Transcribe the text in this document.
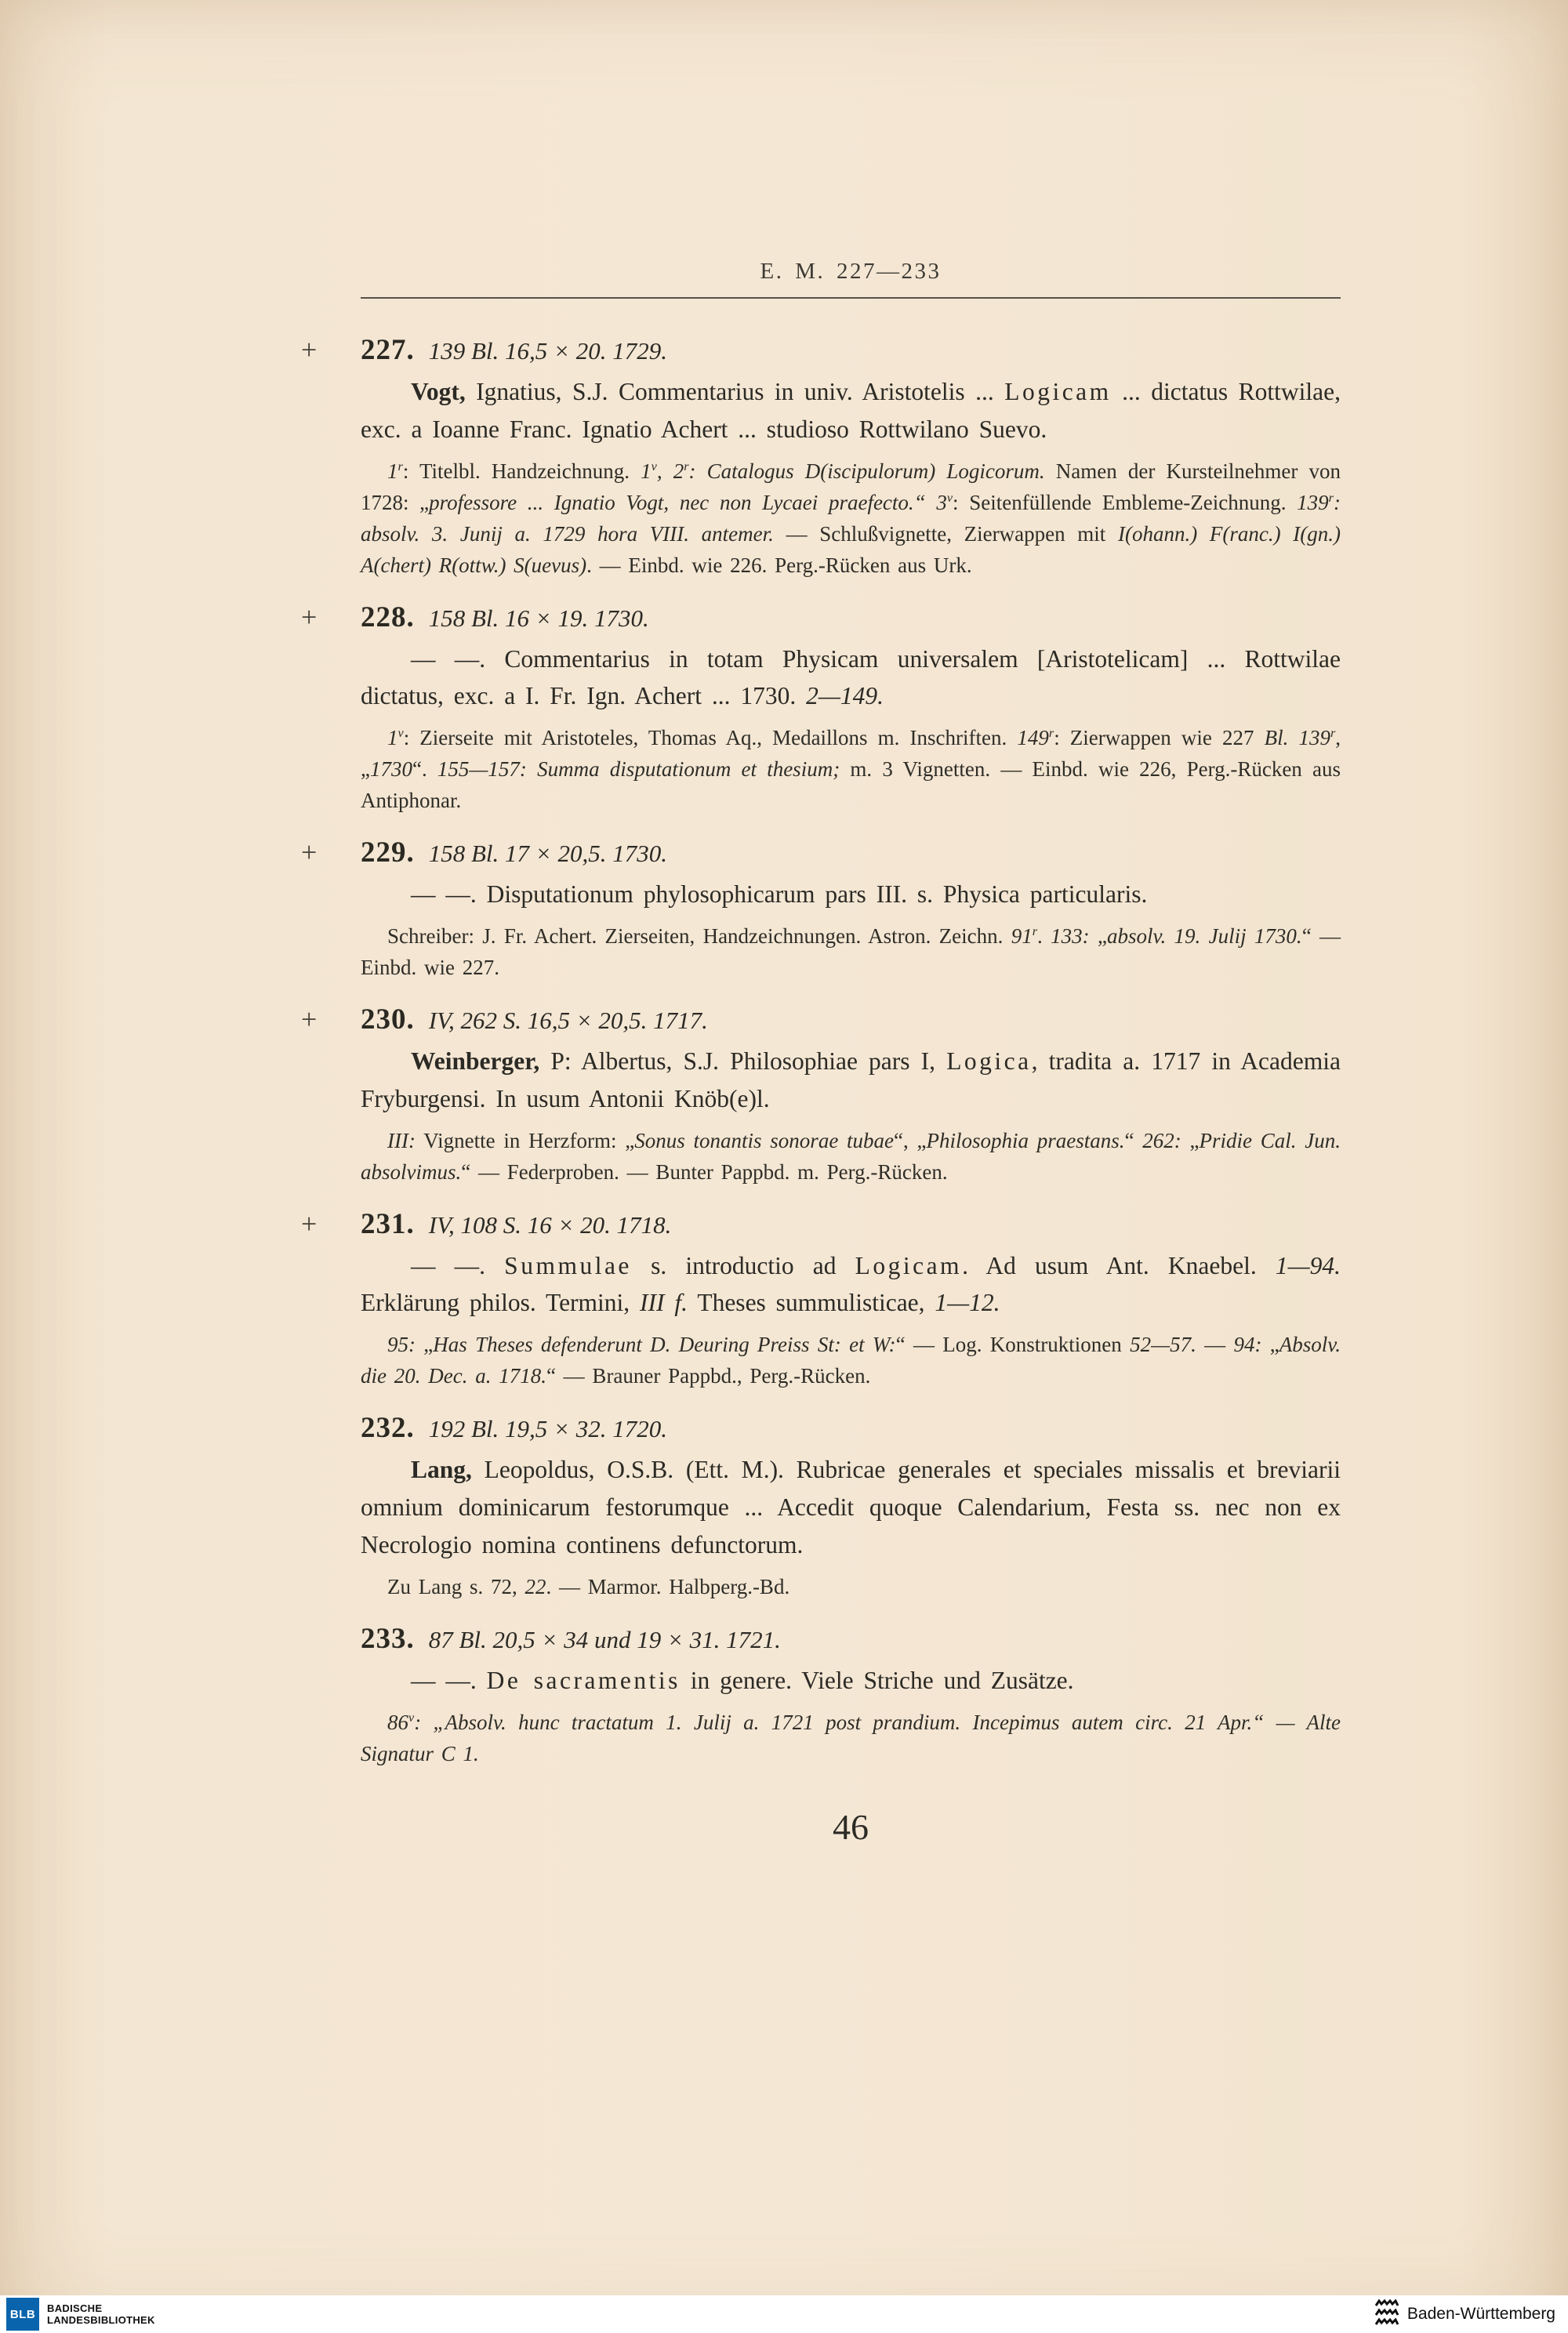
E. M. 227—233
+ 227. 139 Bl. 16,5 × 20. 1729.

Vogt, Ignatius, S.J. Commentarius in univ. Aristotelis ... Logicam ... dictatus Rottwilae, exc. a Ioanne Franc. Ignatio Achert ... studioso Rottwilano Suevo.

1$^r$: Titelbl. Handzeichnung. 1$^v$, 2$^r$: Catalogus D(iscipulorum) Logicorum. Namen der Kursteilnehmer von 1728: „professore ... Ignatio Vogt, nec non Lycaei praefecto.“ 3$^v$: Seitenfüllende Embleme-Zeichnung. 139$^r$: absolv. 3. Junij a. 1729 hora VIII. antemer. — Schlußvignette, Zierwappen mit I(ohann.) F(ranc.) I(gn.) A(chert) R(ottw.) S(uevus). — Einbd. wie 226. Perg.-Rücken aus Urk.

+ 228. 158 Bl. 16 × 19. 1730.

— —. Commentarius in totam Physicam universalem [Aristotelicam] ... Rottwilae dictatus, exc. a I. Fr. Ign. Achert ... 1730. 2—149.

1$^v$: Zierseite mit Aristoteles, Thomas Aq., Medaillons m. Inschriften. 149$^r$: Zierwappen wie 227 Bl. 139$^r$, „1730“. 155—157: Summa disputationum et thesium; m. 3 Vignetten. — Einbd. wie 226, Perg.-Rücken aus Antiphonar.

+ 229. 158 Bl. 17 × 20,5. 1730.

— —. Disputationum phylosophicarum pars III. s. Physica particularis.

Schreiber: J. Fr. Achert. Zierseiten, Handzeichnungen. Astron. Zeichn. 91$^r$. 133: „absolv. 19. Julij 1730.“ — Einbd. wie 227.

+ 230. IV, 262 S. 16,5 × 20,5. 1717.

Weinberger, P: Albertus, S.J. Philosophiae pars I, Logica, tradita a. 1717 in Academia Fryburgensi. In usum Antonii Knöb(e)l.

III: Vignette in Herzform: „Sonus tonantis sonorae tubae“, „Philosophia praestans.“ 262: „Pridie Cal. Jun. absolvimus.“ — Federproben. — Bunter Pappbd. m. Perg.-Rücken.

+ 231. IV, 108 S. 16 × 20. 1718.

— —. Summulae s. introductio ad Logicam. Ad usum Ant. Knaebel. 1—94. Erklärung philos. Termini, III f. Theses summulisticae, 1—12.

95: „Has Theses defenderunt D. Deuring Preiss St: et W:“ — Log. Konstruktionen 52—57. — 94: „Absolv. die 20. Dec. a. 1718.“ — Brauner Pappbd., Perg.-Rücken.

232. 192 Bl. 19,5 × 32. 1720.

Lang, Leopoldus, O.S.B. (Ett. M.). Rubricae generales et speciales missalis et breviarii omnium dominicarum festorumque ... Accedit quoque Calendarium, Festa ss. nec non ex Necrologio nomina continens defunctorum.

Zu Lang s. 72, 22. — Marmor. Halbperg.-Bd.

233. 87 Bl. 20,5 × 34 und 19 × 31. 1721.

— —. De sacramentis in genere. Viele Striche und Zusätze.

86$^v$: „Absolv. hunc tractatum 1. Julij a. 1721 post prandium. Incepimus autem circ. 21 Apr.“ — Alte Signatur C 1.

46
BLB BADISCHE
LANDESBIBLIOTHEK	Baden-Württemberg
